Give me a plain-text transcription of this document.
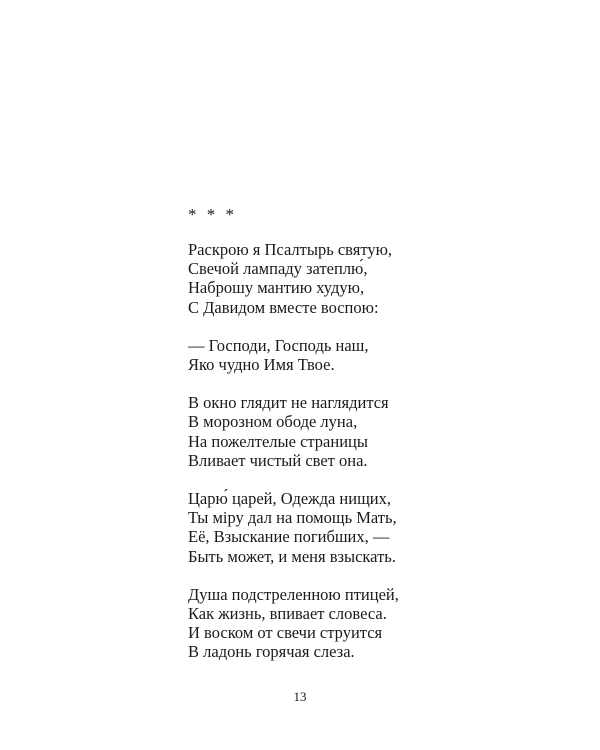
* * *
Раскрою я Псалтырь святую,
Свечой лампаду затеплю́,
Наброшу мантию худую,
С Давидом вместе воспою:
— Господи, Господь наш,
Яко чудно Имя Твое.
В окно глядит не наглядится
В морозном ободе луна,
На пожелтелые страницы
Вливает чистый свет она.
Царю́ царей, Одежда нищих,
Ты мiру дал на помощь Мать,
Её, Взыскание погибших, —
Быть может, и меня взыскать.
Душа подстреленною птицей,
Как жизнь, впивает словеса.
И воском от свечи струится
В ладонь горячая слеза.
13
